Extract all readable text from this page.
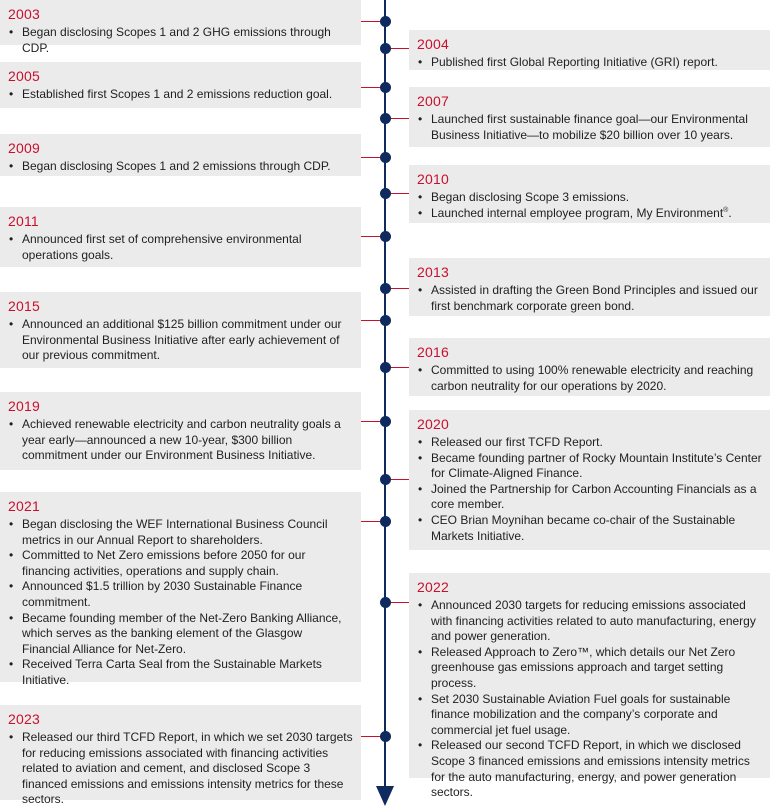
2003
• Began disclosing Scopes 1 and 2 GHG emissions through CDP.	2004
• Published first Global Reporting Initiative (GRI) report.
2005
• Established first Scopes 1 and 2 emissions reduction goal.	2007
• Launched first sustainable finance goal—our Environmental Business Initiative—to mobilize $20 billion over 10 years.
2009
• Began disclosing Scopes 1 and 2 emissions through CDP.
2010
• Began disclosing Scope 3 emissions.
• Launched internal employee program, My Environment®.
2011
• Announced first set of comprehensive environmental operations goals.
2013
• Assisted in drafting the Green Bond Principles and issued our first benchmark corporate green bond.
2015
• Announced an additional $125 billion commitment under our Environmental Business Initiative after early achievement of our previous commitment.	2016
• Committed to using 100% renewable electricity and reaching carbon neutrality for our operations by 2020.
2019
• Achieved renewable electricity and carbon neutrality goals a year early—announced a new 10-year, $300 billion commitment under our Environment Business Initiative.
2020
• Released our first TCFD Report.
• Became founding partner of Rocky Mountain Institute’s Center for Climate-Aligned Finance.
• Joined the Partnership for Carbon Accounting Financials as a core member.
• CEO Brian Moynihan became co-chair of the Sustainable Markets Initiative.
2021
• Began disclosing the WEF International Business Council metrics in our Annual Report to shareholders.
• Committed to Net Zero emissions before 2050 for our financing activities, operations and supply chain.
• Announced $1.5 trillion by 2030 Sustainable Finance commitment.
• Became founding member of the Net-Zero Banking Alliance, which serves as the banking element of the Glasgow Financial Alliance for Net-Zero.
• Received Terra Carta Seal from the Sustainable Markets Initiative.
2022
• Announced 2030 targets for reducing emissions associated with financing activities related to auto manufacturing, energy and power generation.
• Released Approach to Zero™, which details our Net Zero greenhouse gas emissions approach and target setting process.
• Set 2030 Sustainable Aviation Fuel goals for sustainable finance mobilization and the company’s corporate and commercial jet fuel usage.
• Released our second TCFD Report, in which we disclosed Scope 3 financed emissions and emissions intensity metrics for the auto manufacturing, energy, and power generation sectors.
2023
• Released our third TCFD Report, in which we set 2030 targets for reducing emissions associated with financing activities related to aviation and cement, and disclosed Scope 3 financed emissions and emissions intensity metrics for these sectors.
